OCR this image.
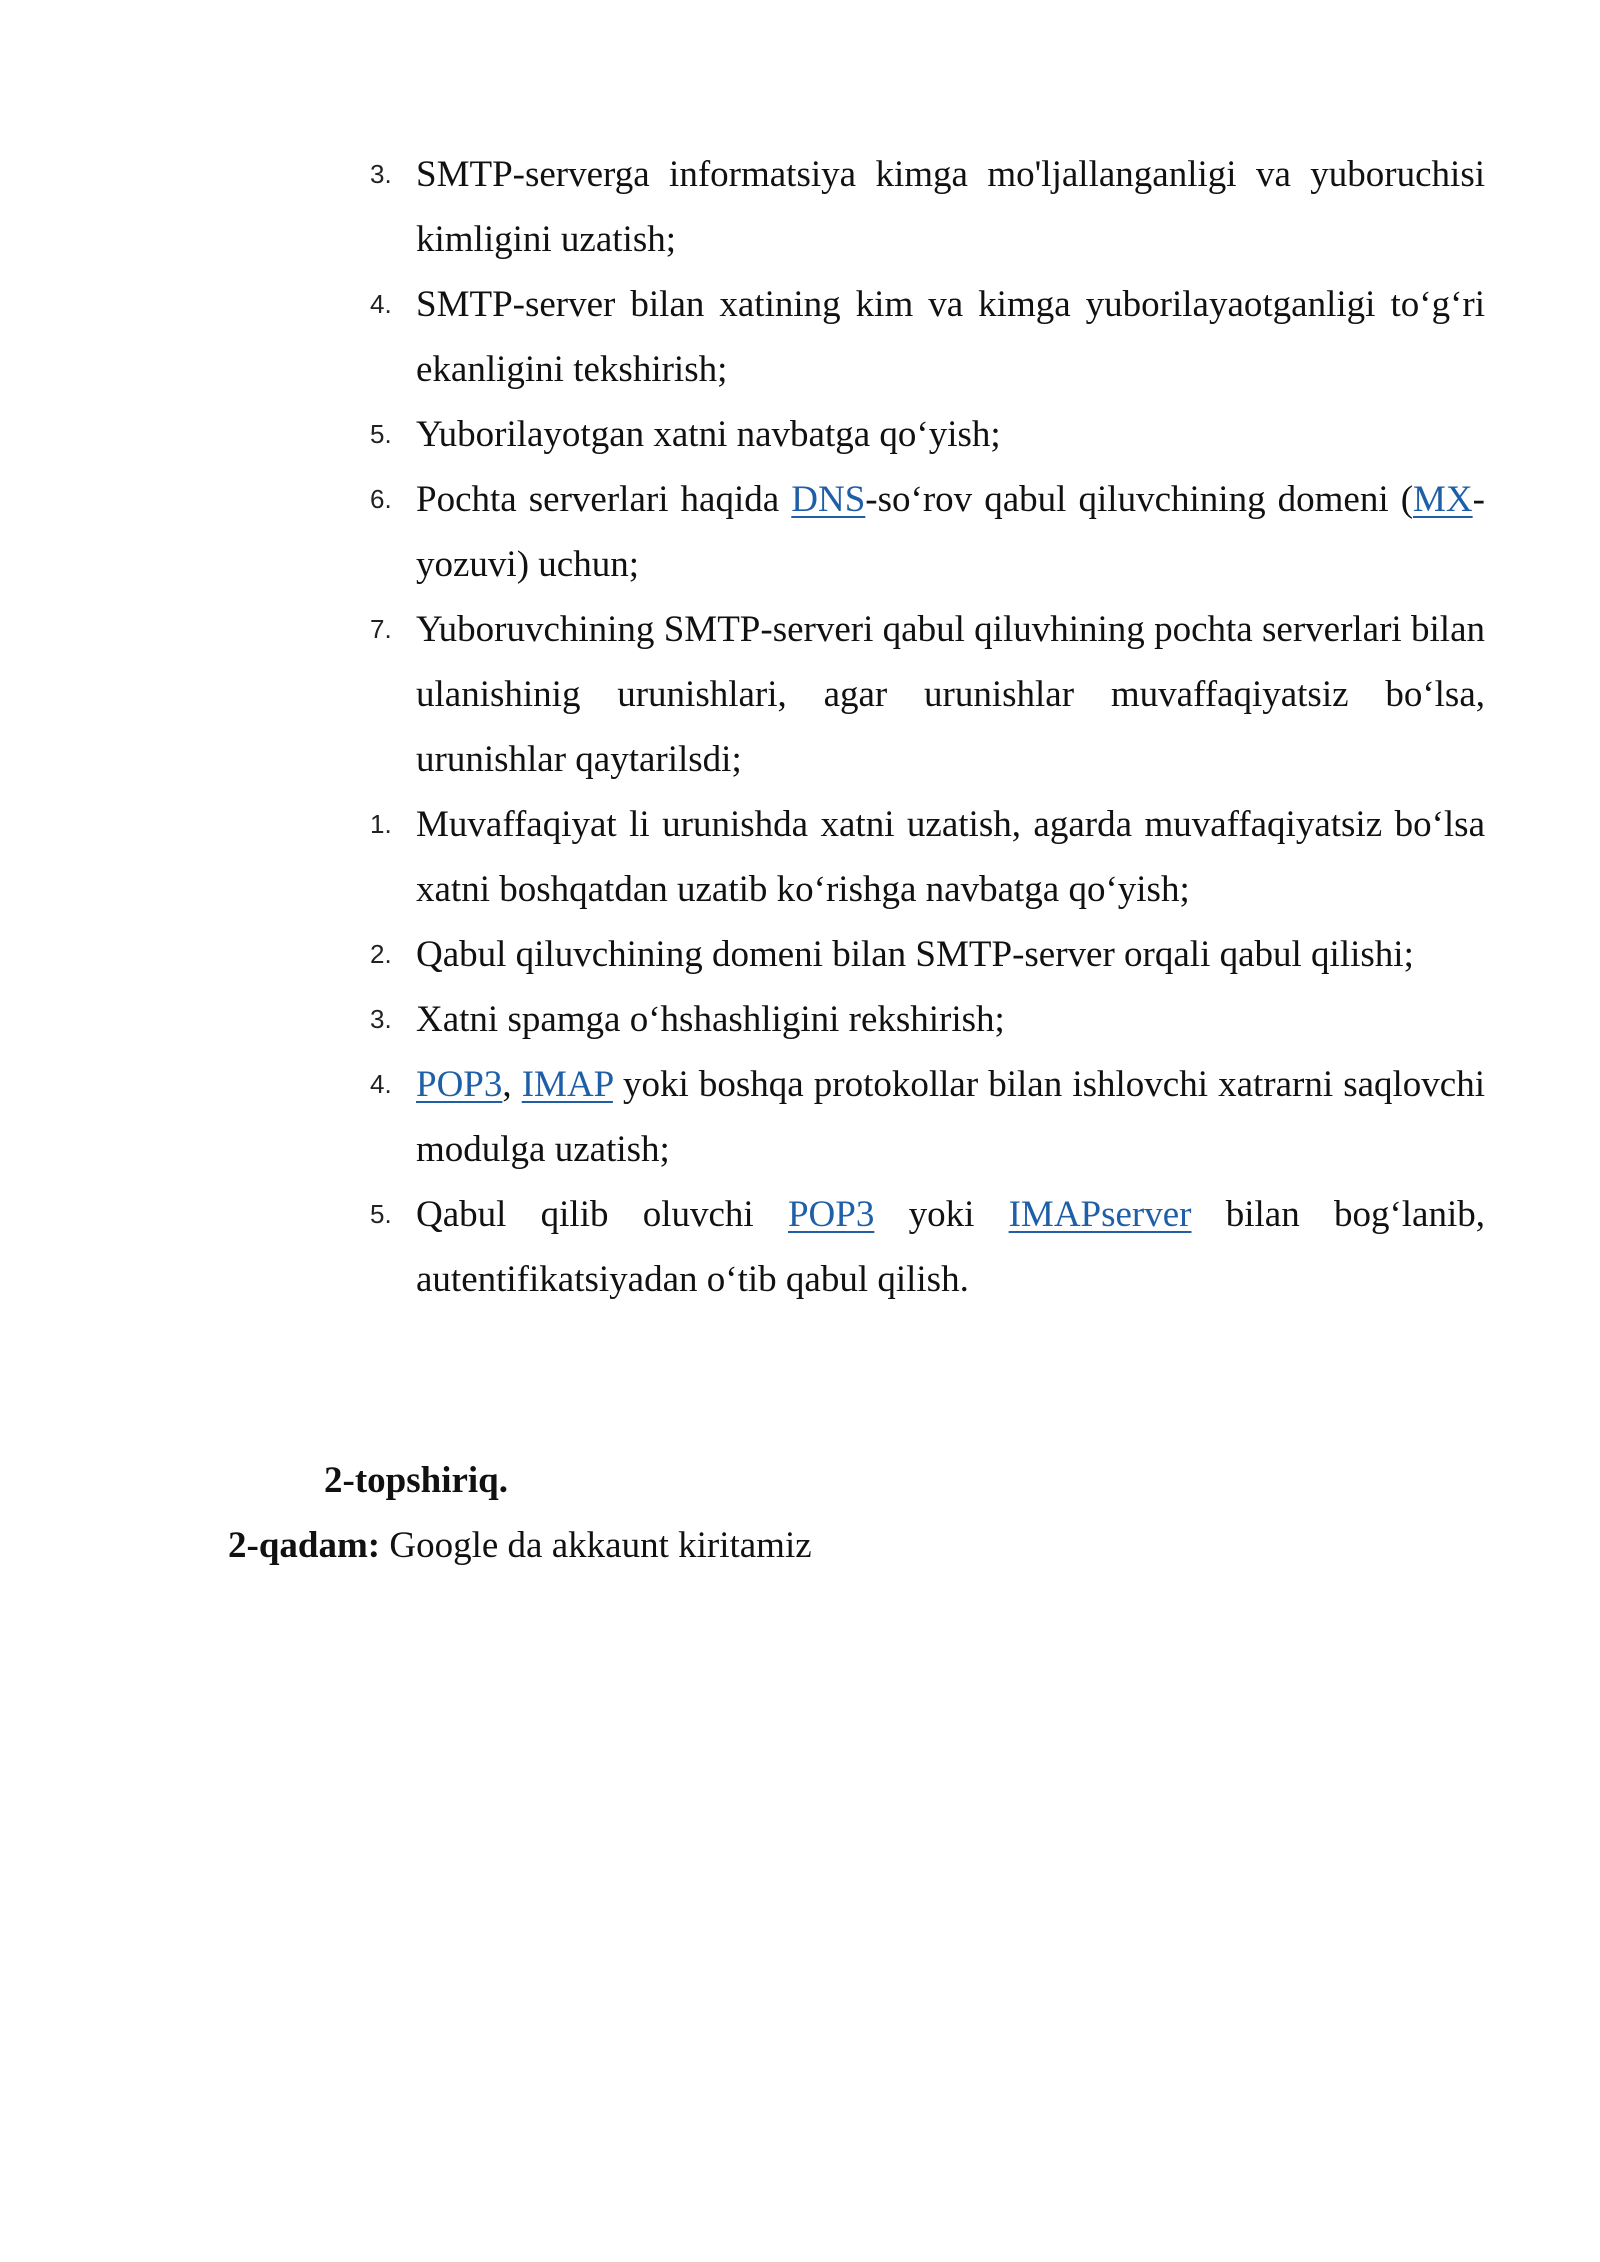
3. SMTP-serverga informatsiya kimga mo'ljallanganligi va yuboruchisi kimligini uzatish;
4. SMTP-server bilan xatining kim va kimga yuborilayaotganligi to‘g‘ri ekanligini tekshirish;
5. Yuborilayotgan xatni navbatga qo‘yish;
6. Pochta serverlari haqida DNS-so‘rov qabul qiluvchining domeni (MX-yozuvi) uchun;
7. Yuboruvchining SMTP-serveri qabul qiluvhining pochta serverlari bilan ulanishinig urunishlari, agar urunishlar muvaffaqiyatsiz bo‘lsa, urunishlar qaytarilsdi;
1. Muvaffaqiyat li urunishda xatni uzatish, agarda muvaffaqiyatsiz bo‘lsa xatni boshqatdan uzatib ko‘rishga navbatga qo‘yish;
2. Qabul qiluvchining domeni bilan SMTP-server orqali qabul qilishi;
3. Xatni spamga o‘hshashligini rekshirish;
4. POP3, IMAP yoki boshqa protokollar bilan ishlovchi xatrarni saqlovchi modulga uzatish;
5. Qabul qilib oluvchi POP3 yoki IMAPserver bilan bog‘lanib, autentifikatsiyadan o‘tib qabul qilish.
2-topshiriq.
2-qadam: Google da akkaunt kiritamiz
